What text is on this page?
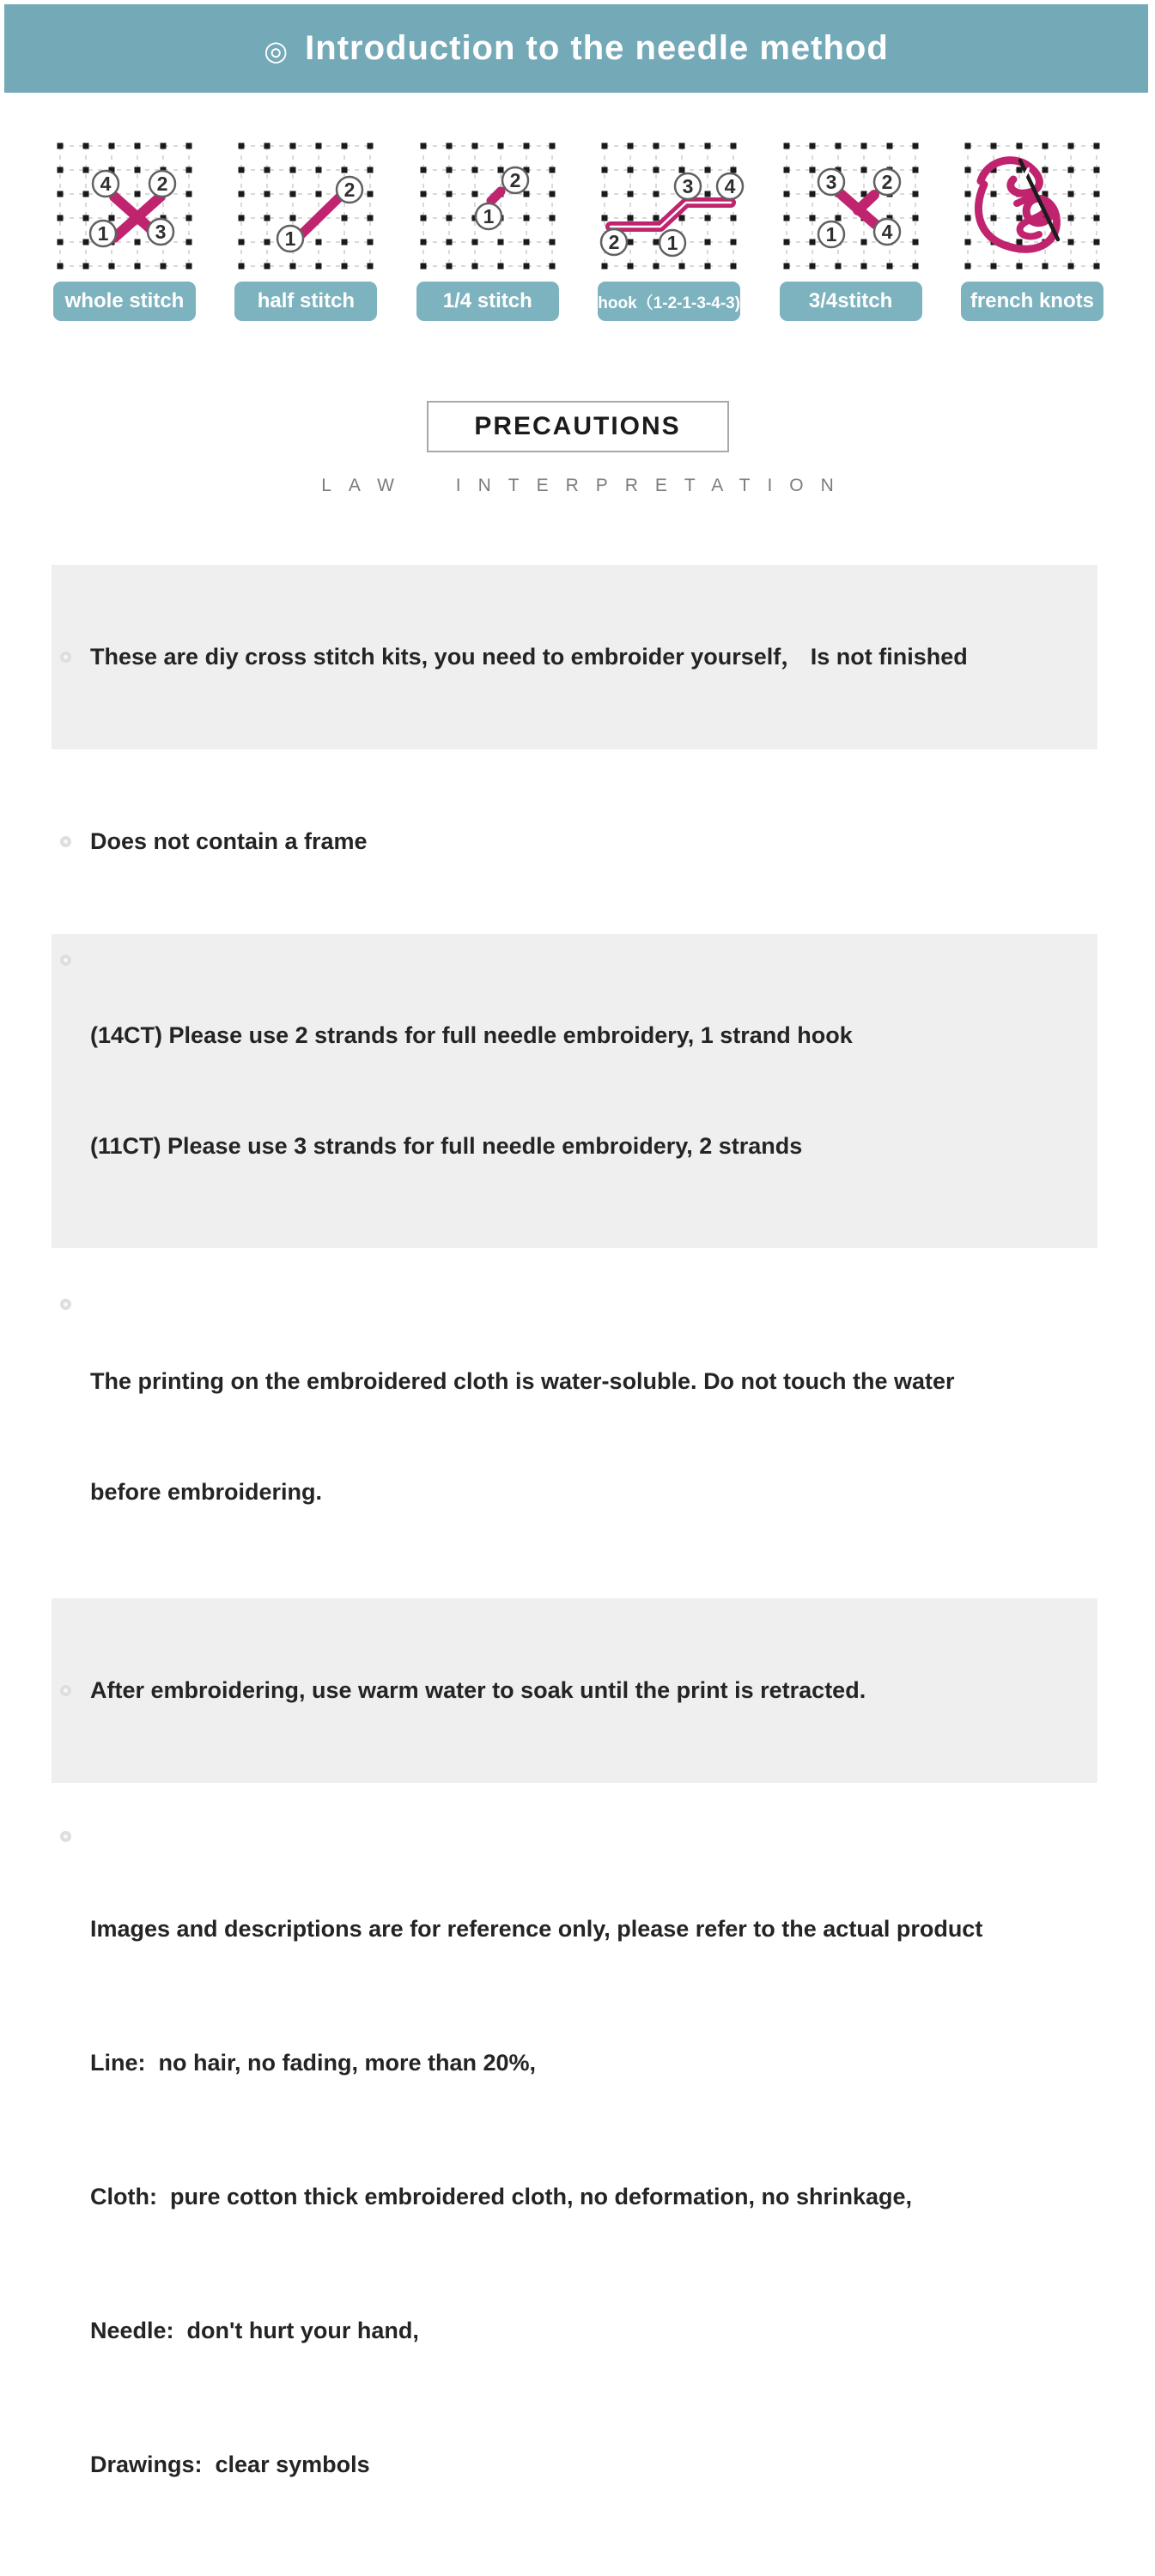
◎ Introduction to the needle method
4 2
1 3
whole stitch
1
2
half stitch
1
2
1/4 stitch
2 1
3 4
hook（1-2-1-3-4-3)
3 2
1 4
3/4stitch	french knots
PRECAUTIONS
LAW INTERPRETATION

These are diy cross stitch kits, you need to embroider yourself， Is not finished

Does not contain a frame

(14CT) Please use 2 strands for full needle embroidery, 1 strand hook

(11CT) Please use 3 strands for full needle embroidery, 2 strands

The printing on the embroidered cloth is water-soluble. Do not touch the water

before embroidering.

After embroidering, use warm water to soak until the print is retracted.

Images and descriptions are for reference only, please refer to the actual product

Line:  no hair, no fading, more than 20%,

Cloth:  pure cotton thick embroidered cloth, no deformation, no shrinkage,

Needle:  don't hurt your hand,

Drawings:  clear symbols
